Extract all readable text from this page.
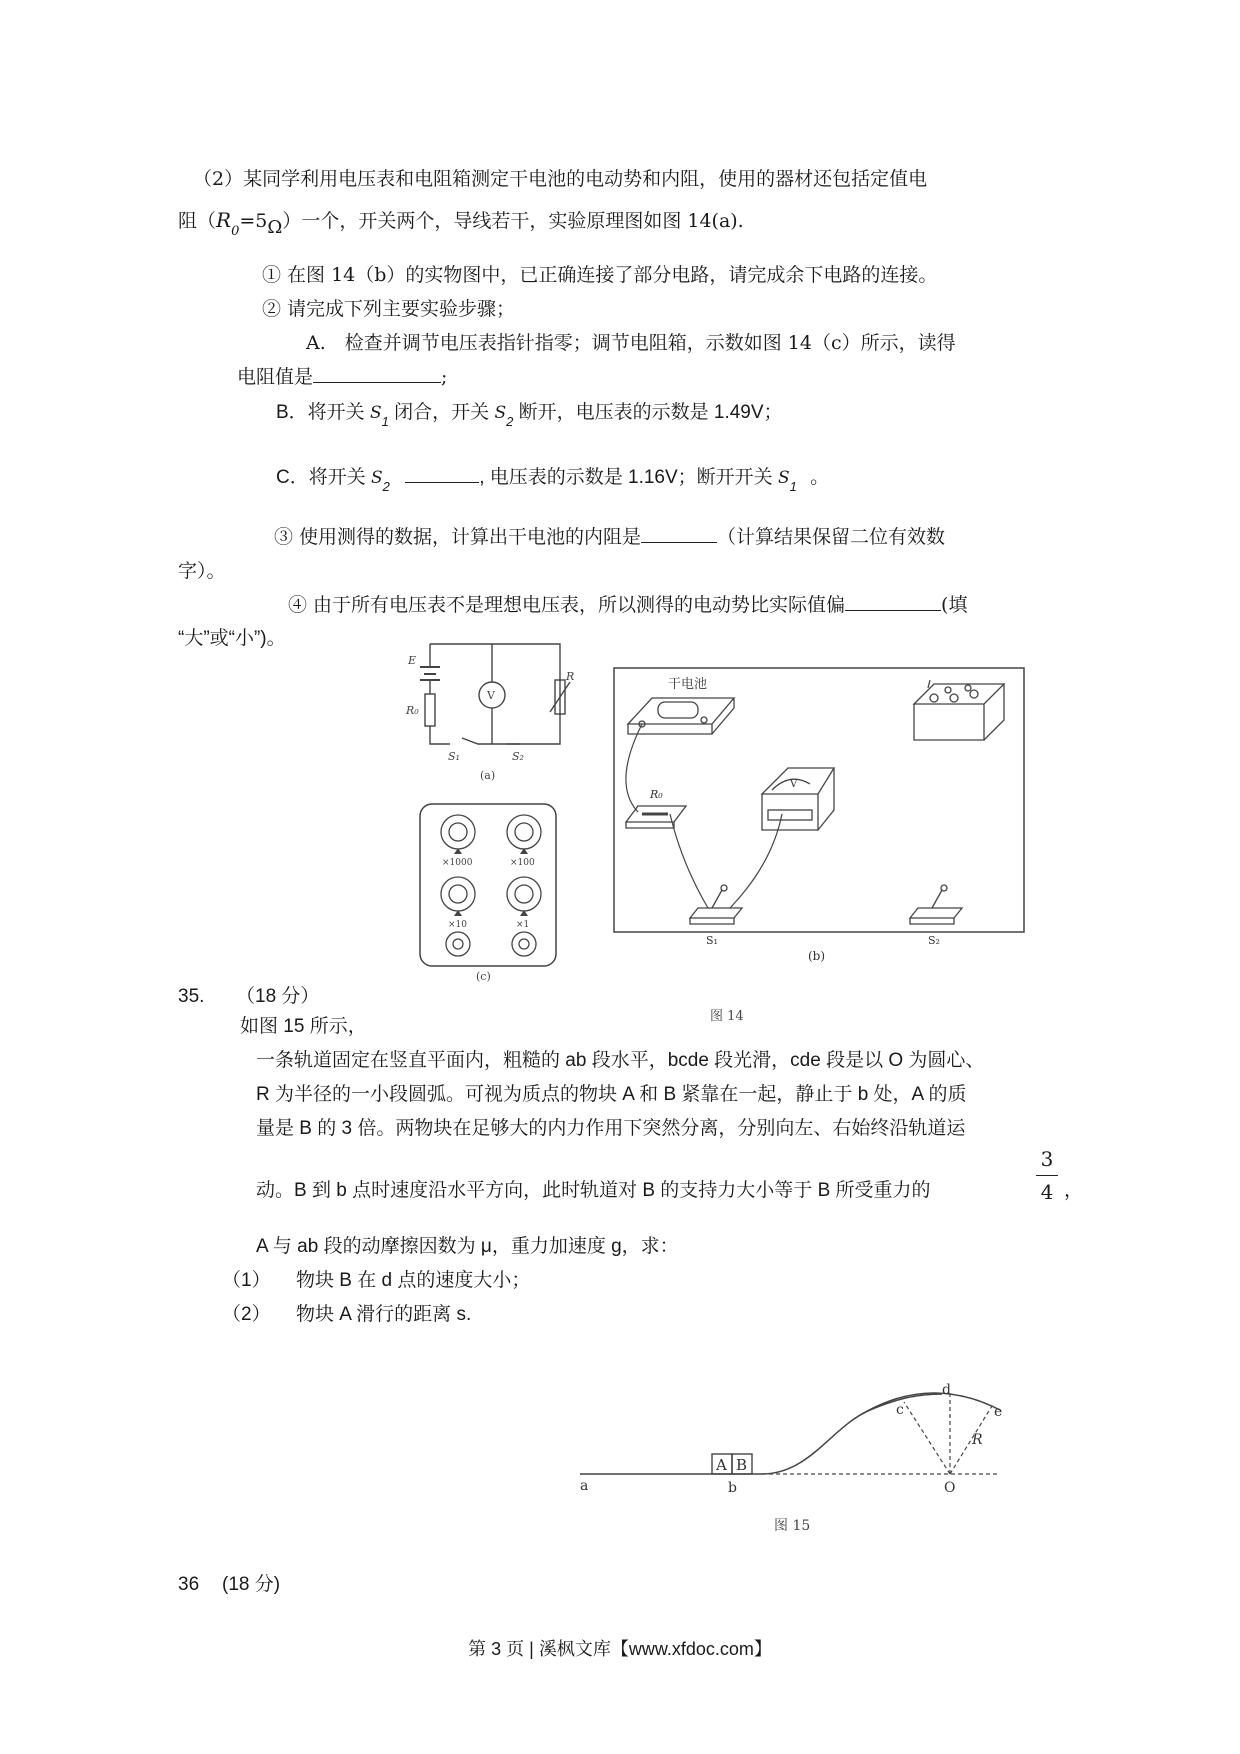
（2）某同学利用电压表和电阻箱测定干电池的电动势和内阻，使用的器材还包括定值电
阻$(R_0=5\Omega)$一个，开关两个，导线若干，实验原理图如图 14(a).
① 在图 14（b）的实物图中，已正确连接了部分电路，请完成余下电路的连接。
② 请完成下列主要实验步骤；
A.　检查并调节电压表指针指零；调节电阻箱，示数如图 14（c）所示，读得
电阻值是	;
B．将开关 $S_1$ 闭合，开关 $S_2$ 断开，电压表的示数是 1.49V；
C．将开关 $S_2$	, 电压表的示数是 1.16V；断开开关 $S_1$ 。
③ 使用测得的数据，计算出干电池的内阻是	（计算结果保留二位有效数
字）。
④ 由于所有电压表不是理想电压表，所以测得的电动势比实际值偏	(填
“大”或“小”)。
E
R₀
V
R
S₁	S₂
(a)
×1000	×100
×10	×1
(c)
干电池
R₀
V
S₁	S₂
(b)
图 14
35. （18 分）
如图 15 所示，
一条轨道固定在竖直平面内，粗糙的 ab 段水平，bcde 段光滑，cde 段是以 O 为圆心、
R 为半径的一小段圆弧。可视为质点的物块 A 和 B 紧靠在一起，静止于 b 处，A 的质
量是 B 的 3 倍。两物块在足够大的内力作用下突然分离，分别向左、右始终沿轨道运
动。B 到 b 点时速度沿水平方向，此时轨道对 B 的支持力大小等于 B 所受重力的
3
4 ，
A 与 ab 段的动摩擦因数为 μ，重力加速度 g，求：
（1） 物块 B 在 d 点的速度大小；
（2） 物块 A 滑行的距离 s.
A B
a	b
c
d
e
O
R
图 15
36 (18 分)
第 3 页 | 溪枫文库【www.xfdoc.com】
